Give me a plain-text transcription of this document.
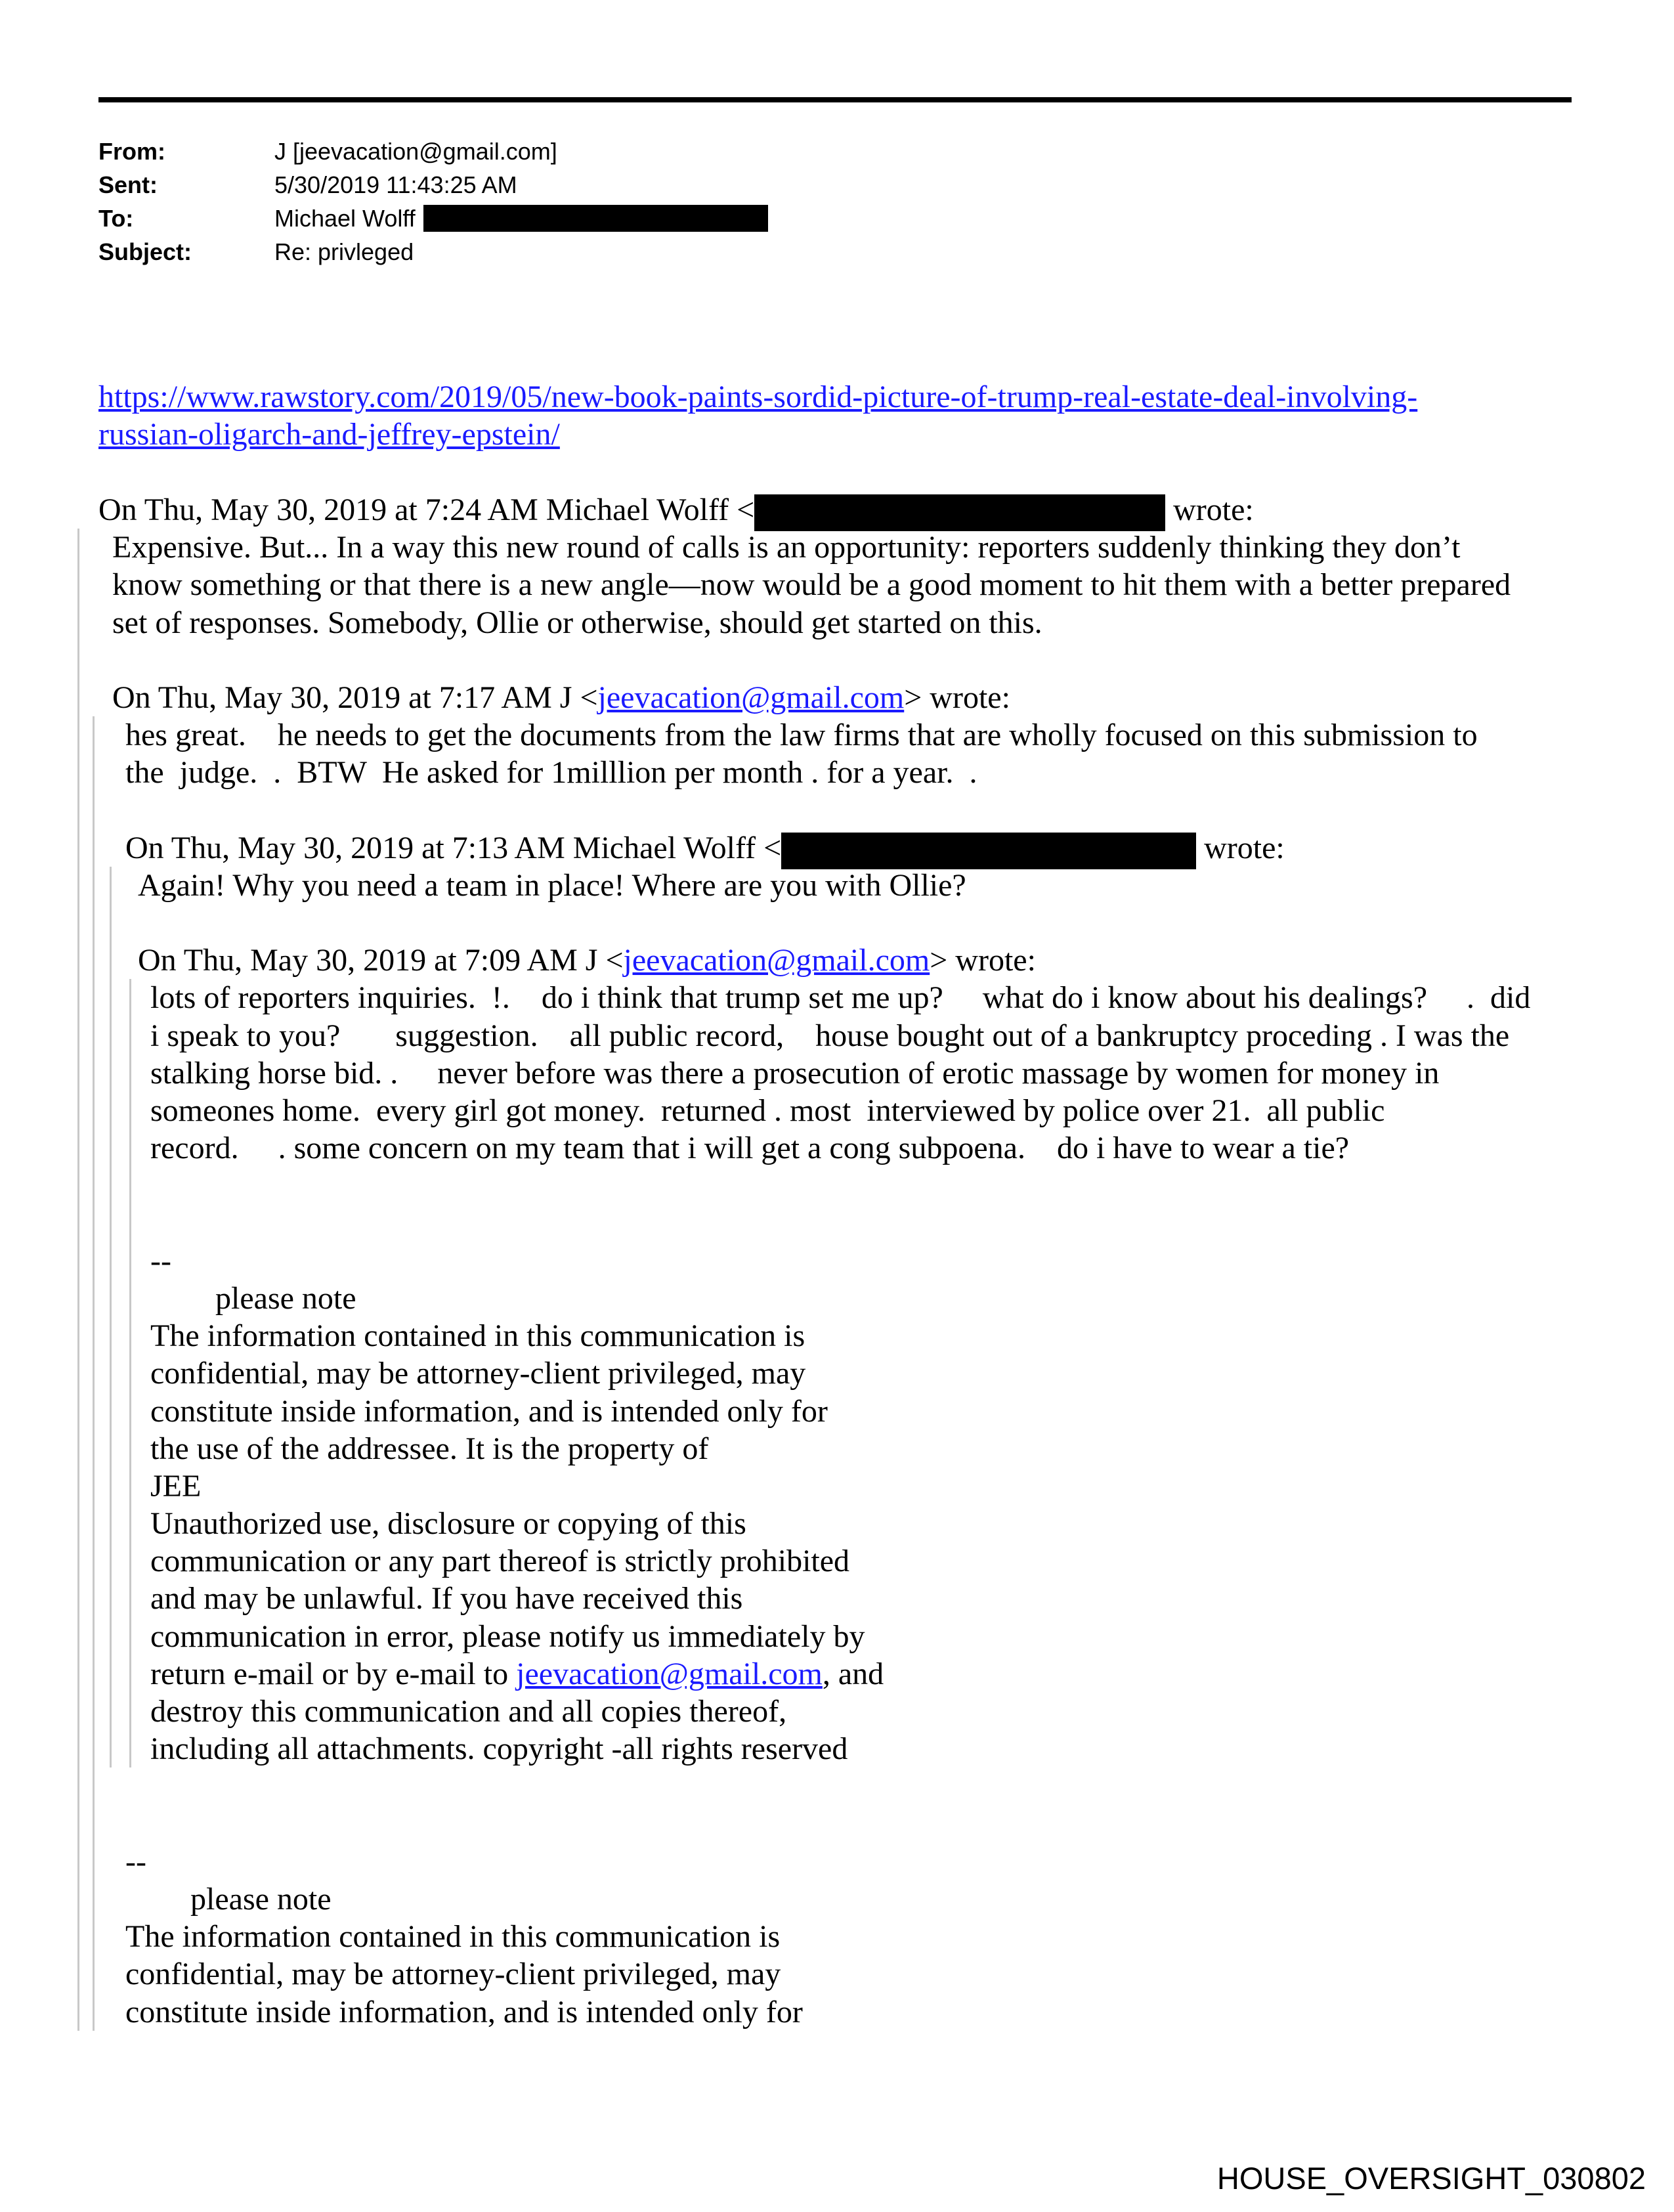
From:	J [jeevacation@gmail.com]
Sent:	5/30/2019 11:43:25 AM
To:	Michael Wolff
Subject:	Re: privleged
https://www.rawstory.com/2019/05/new-book-paints-sordid-picture-of-trump-real-estate-deal-involving-
russian-oligarch-and-jeffrey-epstein/
On Thu, May 30, 2019 at 7:24 AM Michael Wolff <	wrote:
Expensive. But... In a way this new round of calls is an opportunity: reporters suddenly thinking they don’t
know something or that there is a new angle—now would be a good moment to hit them with a better prepared
set of responses. Somebody, Ollie or otherwise, should get started on this.
On Thu, May 30, 2019 at 7:17 AM J <jeevacation@gmail.com> wrote:
hes great.    he needs to get the documents from the law firms that are wholly focused on this submission to
the  judge.  .  BTW  He asked for 1milllion per month . for a year.  .
On Thu, May 30, 2019 at 7:13 AM Michael Wolff <	wrote:
Again! Why you need a team in place! Where are you with Ollie?
On Thu, May 30, 2019 at 7:09 AM J <jeevacation@gmail.com> wrote:
lots of reporters inquiries.  !.    do i think that trump set me up?     what do i know about his dealings?     .  did
i speak to you?       suggestion.    all public record,    house bought out of a bankruptcy proceding . I was the
stalking horse bid. .     never before was there a prosecution of erotic massage by women for money in
someones home.  every girl got money.  returned . most  interviewed by police over 21.  all public
record.     . some concern on my team that i will get a cong subpoena.    do i have to wear a tie?
--
please note
The information contained in this communication is
confidential, may be attorney-client privileged, may
constitute inside information, and is intended only for
the use of the addressee. It is the property of
JEE
Unauthorized use, disclosure or copying of this
communication or any part thereof is strictly prohibited
and may be unlawful. If you have received this
communication in error, please notify us immediately by
return e-mail or by e-mail to jeevacation@gmail.com, and
destroy this communication and all copies thereof,
including all attachments. copyright -all rights reserved
--
please note
The information contained in this communication is
confidential, may be attorney-client privileged, may
constitute inside information, and is intended only for
HOUSE_OVERSIGHT_030802
